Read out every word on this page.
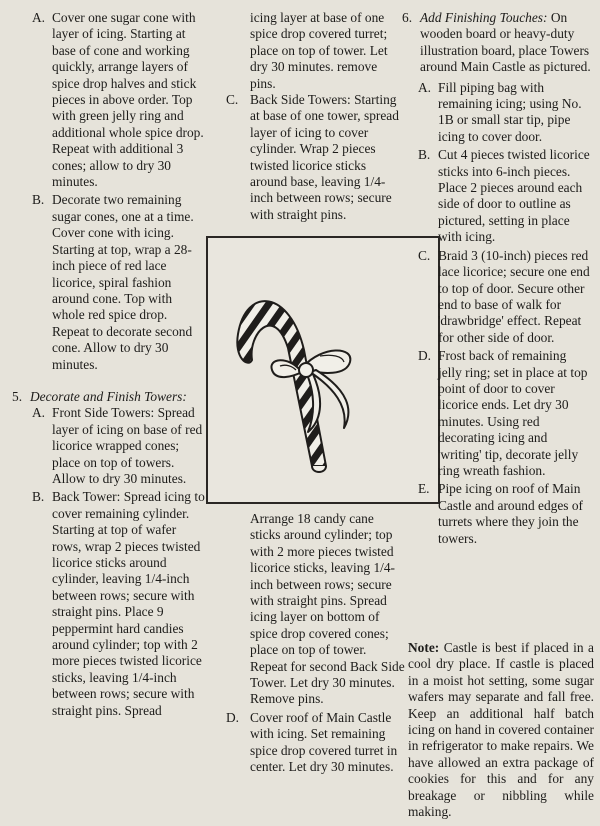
A. Cover one sugar cone with layer of icing. Starting at base of cone and working quickly, arrange layers of spice drop halves and stick pieces in above order. Top with green jelly ring and additional whole spice drop. Repeat with additional 3 cones; allow to dry 30 minutes.
B. Decorate two remaining sugar cones, one at a time. Cover cone with icing. Starting at top, wrap a 28-inch piece of red lace licorice, spiral fashion around cone. Top with whole red spice drop. Repeat to decorate second cone. Allow to dry 30 minutes.
5. Decorate and Finish Towers:
A. Front Side Towers: Spread layer of icing on base of red licorice wrapped cones; place on top of towers. Allow to dry 30 minutes.
B. Back Tower: Spread icing to cover remaining cylinder. Starting at top of wafer rows, wrap 2 pieces twisted licorice sticks around cylinder, leaving 1/4-inch between rows; secure with straight pins. Place 9 peppermint hard candies around cylinder; top with 2 more pieces twisted licorice sticks, leaving 1/4-inch between rows; secure with straight pins. Spread
icing layer at base of one spice drop covered turret; place on top of tower. Let dry 30 minutes. remove pins.
C. Back Side Towers: Starting at base of one tower, spread layer of icing to cover cylinder. Wrap 2 pieces twisted licorice sticks around base, leaving 1/4-inch between rows; secure with straight pins.
Arrange 18 candy cane sticks around cylinder; top with 2 more pieces twisted licorice sticks, leaving 1/4-inch between rows; secure with straight pins. Spread icing layer on bottom of spice drop covered cones; place on top of tower. Repeat for second Back Side Tower. Let dry 30 minutes. Remove pins.
D. Cover roof of Main Castle with icing. Set remaining spice drop covered turret in center. Let dry 30 minutes.
6. Add Finishing Touches: On wooden board or heavy-duty illustration board, place Towers around Main Castle as pictured.
A. Fill piping bag with remaining icing; using No. 1B or small star tip, pipe icing to cover door.
B. Cut 4 pieces twisted licorice sticks into 6-inch pieces. Place 2 pieces around each side of door to outline as pictured, setting in place with icing.
C. Braid 3 (10-inch) pieces red lace licorice; secure one end to top of door. Secure other end to base of walk for 'drawbridge' effect. Repeat for other side of door.
D. Frost back of remaining jelly ring; set in place at top point of door to cover licorice ends. Let dry 30 minutes. Using red decorating icing and 'writing' tip, decorate jelly ring wreath fashion.
E. Pipe icing on roof of Main Castle and around edges of turrets where they join the towers.

Note: Castle is best if placed in a cool dry place. If castle is placed in a moist hot setting, some sugar wafers may separate and fall free. Keep an additional half batch icing on hand in covered container in refrigerator to make repairs. We have allowed an extra package of cookies for this and for any breakage or nibbling while making.
